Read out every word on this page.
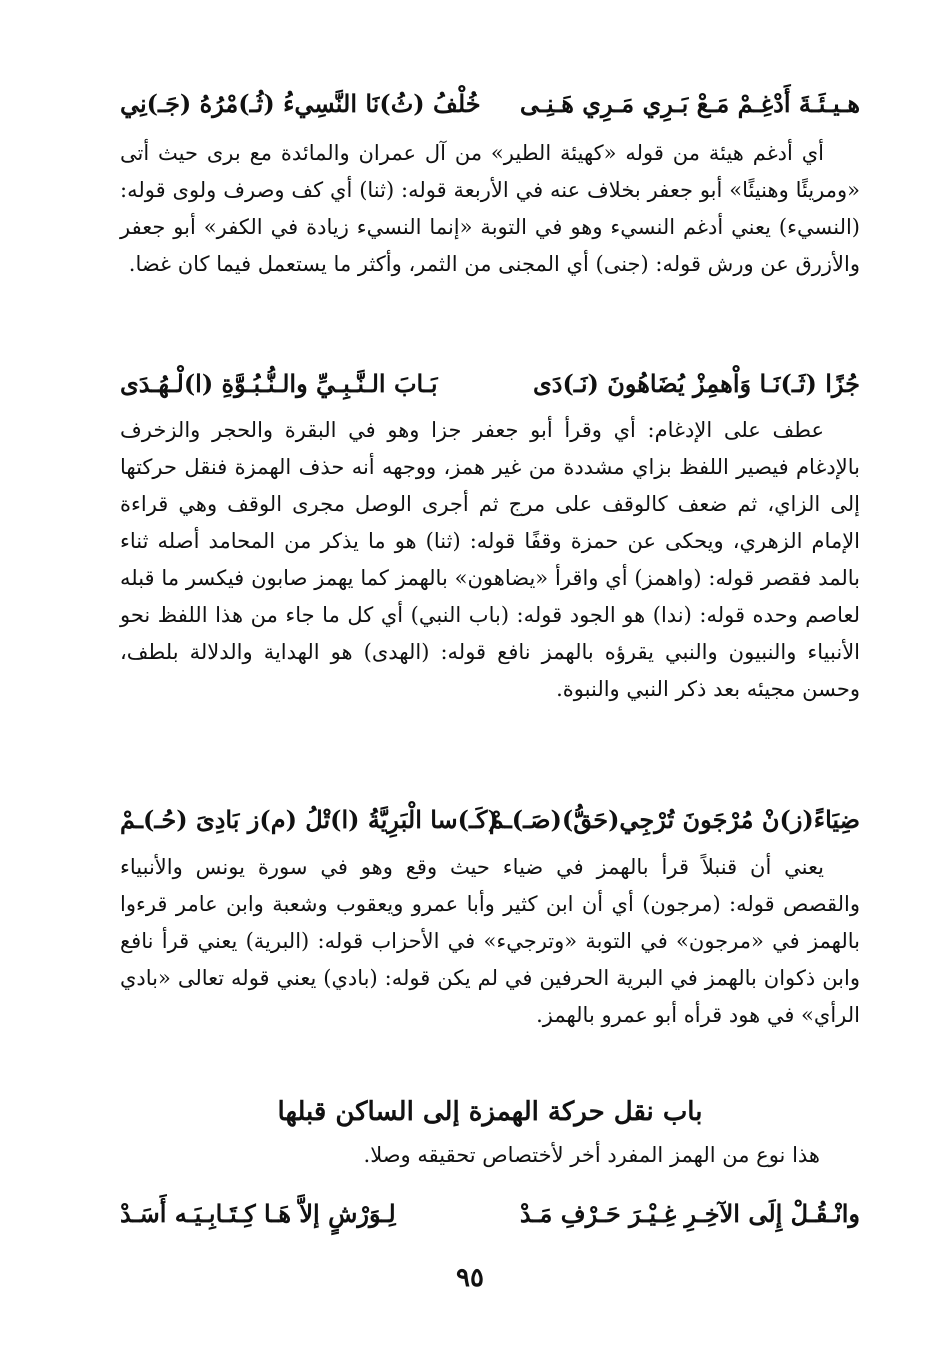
هـيـئَـةَ أَدْغِـمْ مَـعْ بَـرِي مَـرِي هَـنِـى
خُلْفُ (ثُ)نَا النَّسِيءُ (ثُـ)مْرُهُ (جَـ)نِي

أي أدغم هيئة من قوله «كهيئة الطير» من آل عمران والمائدة مع برى حيث أتى «ومريئًا وهنيئًا» أبو جعفر بخلاف عنه في الأربعة قوله: (ثنا) أي كف وصرف ولوى قوله: (النسيء) يعني أدغم النسيء وهو في التوبة «إنما النسيء زيادة في الكفر» أبو جعفر والأزرق عن ورش قوله: (جنى) أي المجنى من الثمر، وأكثر ما يستعمل فيما كان غضا.

جُزًا (ثَـ)نَـا وَاْهمِزْ يُضَاهُونَ (نَـ)دَى
بَـابَ الـنَّـبِـيِّ والـنُّـبُـوَّةِ (ا)لْـهُـدَى

عطف على الإدغام: أي وقرأ أبو جعفر جزا وهو في البقرة والحجر والزخرف بالإدغام فيصير اللفظ بزاي مشددة من غير همز، ووجهه أنه حذف الهمزة فنقل حركتها إلى الزاي، ثم ضعف كالوقف على مرج ثم أجرى الوصل مجرى الوقف وهي قراءة الإمام الزهري، ويحكى عن حمزة وقفًا قوله: (ثنا) هو ما يذكر من المحامد أصله ثناء بالمد فقصر قوله: (واهمز) أي واقرأ «يضاهون» بالهمز كما يهمز صابون فيكسر ما قبله لعاصم وحده قوله: (ندا) هو الجود قوله: (باب النبي) أي كل ما جاء من هذا اللفظ نحو الأنبياء والنبيون والنبي يقرؤه بالهمز نافع قوله: (الهدى) هو الهداية والدلالة بلطف، وحسن مجيئه بعد ذكر النبي والنبوة.

ضِيَاءً(ز)نْ مُرْجَونَ تُرْجِي(حَقُّ)(صَـ)ـمْ
(كَـ)سا الْبَرِيَّةُ (ا)تْلُ (م)ز بَادِىَ (حُـ)ـمْ

يعني أن قنبلاً قرأ بالهمز في ضياء حيث وقع وهو في سورة يونس والأنبياء والقصص قوله: (مرجون) أي أن ابن كثير وأبا عمرو ويعقوب وشعبة وابن عامر قرءوا بالهمز في «مرجون» في التوبة «وترجيء» في الأحزاب قوله: (البرية) يعني قرأ نافع وابن ذكوان بالهمز في البرية الحرفين في لم يكن قوله: (بادي) يعني قوله تعالى «بادي الرأي» في هود قرأه أبو عمرو بالهمز.

باب نقل حركة الهمزة إلى الساكن قبلها
هذا نوع من الهمز المفرد أخر لأختصاص تحقيقه وصلا.
وانْـقُـلْ إِلَى الآخِـرِ غِـيْـرَ حَـرْفِ مَـدْ
لِـوَرْشٍ إلاَّ هَـا كِـتَـابِـيَـه أَسَـدْ
٩٥
